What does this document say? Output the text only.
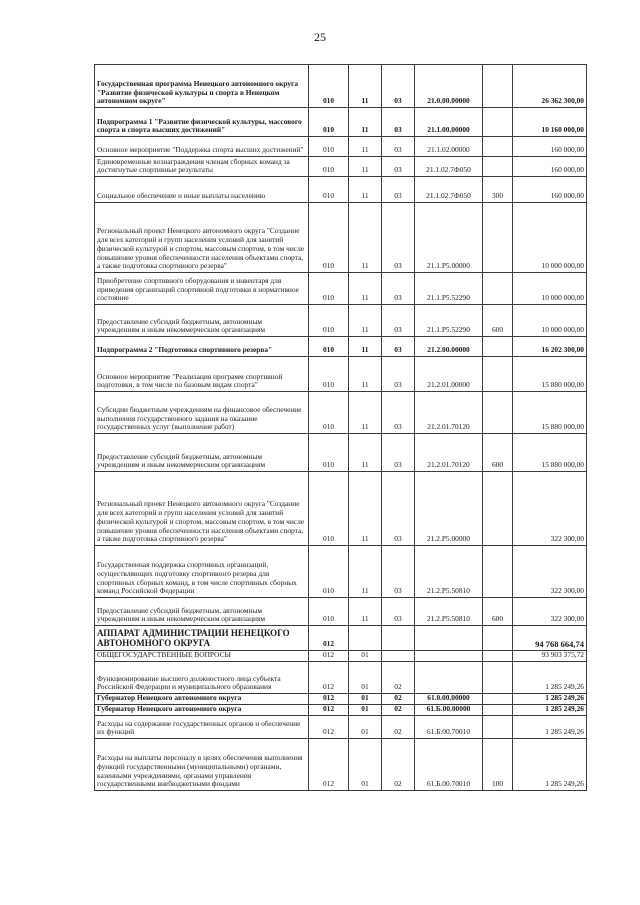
25
Государственная программа Ненецкого автономного округа "Развитие физической культуры и спорта в Ненецком автономном округе"	010	11	03	21.0.00.00000		26 362 300,00
Подпрограмма 1 "Развитие физической культуры, массового спорта и спорта высших достижений"	010	11	03	21.1.00.00000		10 160 000,00
Основное мероприятие "Поддержка спорта высших достижений"	010	11	03	21.1.02.00000		160 000,00
Единовременные вознаграждения членам сборных команд за достигнутые спортивные результаты	010	11	03	21.1.02.7Ф050		160 000,00
Социальное обеспечение и иные выплаты населению	010	11	03	21.1.02.7Ф050	300	160 000,00
Региональный проект Ненецкого автономного округа "Создание для всех категорий и групп населения условий для занятий физической культурой и спортом, массовым спортом, в том числе повышение уровня обеспеченности населения объектами спорта, а также подготовка спортивного резерва"	010	11	03	21.1.P5.00000		10 000 000,00
Приобретение спортивного оборудования и инвентаря для приведения организаций спортивной подготовки в нормативное состояние	010	11	03	21.1.P5.52290		10 000 000,00
Предоставление субсидий бюджетным, автономным учреждениям и иным некоммерческим организациям	010	11	03	21.1.P5.52290	600	10 000 000,00
Подпрограмма 2 "Подготовка спортивного резерва"	010	11	03	21.2.00.00000		16 202 300,00
Основное мероприятие "Реализация программ спортивной подготовки, в том числе по базовым видам спорта"	010	11	03	21.2.01.00000		15 880 000,00
Субсидии бюджетным учреждениям на финансовое обеспечение выполнения государственного задания на оказание государственных услуг (выполнение работ)	010	11	03	21.2.01.70120		15 880 000,00
Предоставление субсидий бюджетным, автономным учреждениям и иным некоммерческим организациям	010	11	03	21.2.01.70120	600	15 880 000,00
Региональный проект Ненецкого автономного округа "Создание для всех категорий и групп населения условий для занятий физической культурой и спортом, массовым спортом, в том числе повышение уровня обеспеченности населения объектами спорта, а также подготовка спортивного резерва"	010	11	03	21.2.P5.00000		322 300,00
Государственная поддержка спортивных организаций, осуществляющих подготовку спортивного резерва для спортивных сборных команд, в том числе спортивных сборных команд Российской Федерации	010	11	03	21.2.P5.50810		322 300,00
Предоставление субсидий бюджетным, автономным учреждениям и иным некоммерческим организациям	010	11	03	21.2.P5.50810	600	322 300,00
АППАРАТ АДМИНИСТРАЦИИ НЕНЕЦКОГО АВТОНОМНОГО ОКРУГА	012					94 768 664,74
ОБЩЕГОСУДАРСТВЕННЫЕ ВОПРОСЫ	012	01				93 903 375,72
Функционирование высшего должностного лица субъекта Российской Федерации и муниципального образования	012	01	02			1 285 249,26
Губернатор Ненецкого автономного округа	012	01	02	61.0.00.00000		1 285 249,26
Губернатор Ненецкого автономного округа	012	01	02	61.Б.00.00000		1 285 249,26
Расходы на содержание государственных органов и обеспечение их функций	012	01	02	61.Б.00.70010		1 285 249,26
Расходы на выплаты персоналу в целях обеспечения выполнения функций государственными (муниципальными) органами, казенными учреждениями, органами управления государственными внебюджетными фондами	012	01	02	61.Б.00.70010	100	1 285 249,26
